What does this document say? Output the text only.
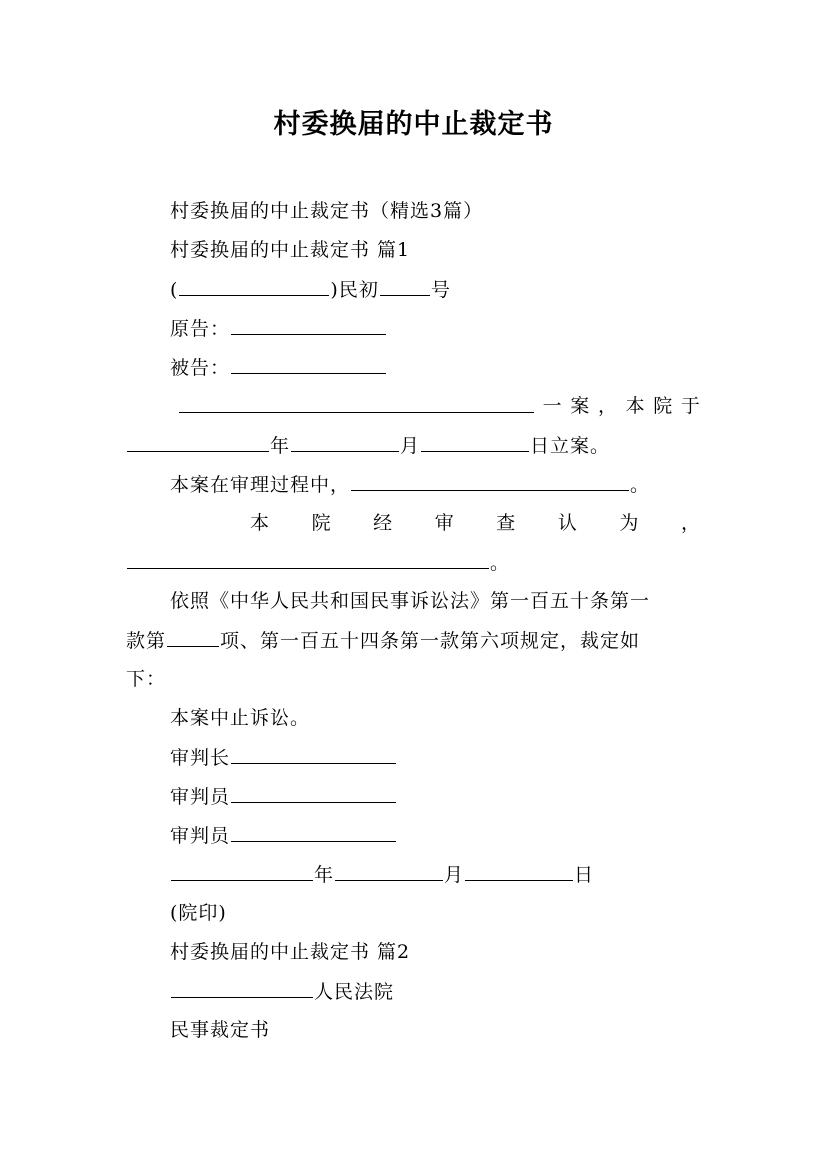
村委换届的中止裁定书
村委换届的中止裁定书（精选3篇）
村委换届的中止裁定书 篇1
(	)民初	号
原告：
被告：
一 案 ， 本 院 于
年	月	日立案。
本案在审理过程中，	。
本 院 经 审 查 认 为 ，
。
依照《中华人民共和国民事诉讼法》第一百五十条第一
款第	项、第一百五十四条第一款第六项规定，裁定如
下：
本案中止诉讼。
审判长
审判员
审判员
年	月	日
(院印)
村委换届的中止裁定书 篇2
人民法院
民事裁定书
